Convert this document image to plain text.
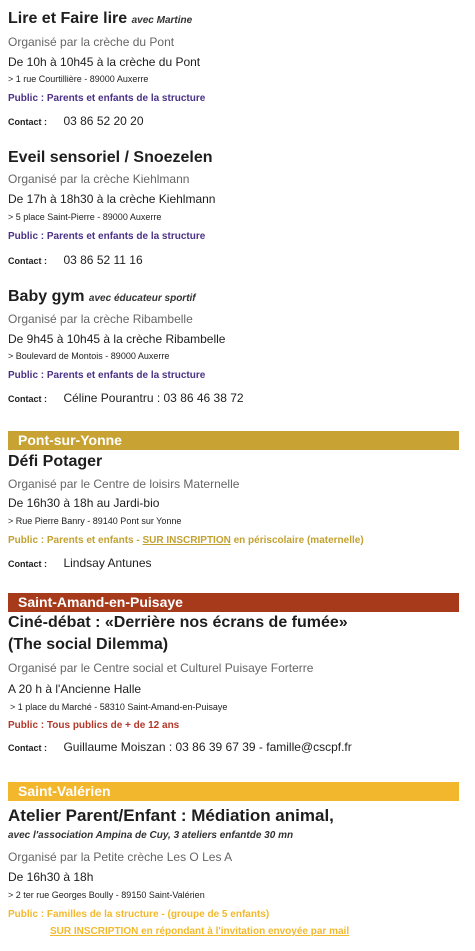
Lire et Faire lire avec Martine
Organisé par la crèche du Pont
De 10h à 10h45 à la crèche du Pont
> 1 rue Courtillière - 89000 Auxerre
Public : Parents et enfants de la structure
Contact : 03 86 52 20 20
Eveil sensoriel / Snoezelen
Organisé par la crèche Kiehlmann
De 17h à 18h30 à la crèche Kiehlmann
> 5 place Saint-Pierre - 89000 Auxerre
Public : Parents et enfants de la structure
Contact : 03 86 52 11 16
Baby gym avec éducateur sportif
Organisé par la crèche Ribambelle
De 9h45 à 10h45 à la crèche Ribambelle
> Boulevard de Montois - 89000 Auxerre
Public : Parents et enfants de la structure
Contact : Céline Pourantru : 03 86 46 38 72
Pont-sur-Yonne
Défi Potager
Organisé par le Centre de loisirs Maternelle
De 16h30 à 18h au Jardi-bio
> Rue Pierre Banry - 89140 Pont sur Yonne
Public : Parents et enfants - SUR INSCRIPTION en périscolaire (maternelle)
Contact : Lindsay Antunes
Saint-Amand-en-Puisaye
Ciné-débat : «Derrière nos écrans de fumée»
(The social Dilemma)
Organisé par le Centre social et Culturel Puisaye Forterre
A 20 h à l'Ancienne Halle
> 1 place du Marché - 58310 Saint-Amand-en-Puisaye
Public : Tous publics de + de 12 ans
Contact : Guillaume Moiszan : 03 86 39 67 39 - famille@cscpf.fr
Saint-Valérien
Atelier Parent/Enfant : Médiation animal,
avec l'association Ampina de Cuy, 3 ateliers enfantde 30 mn
Organisé par la Petite crèche Les O Les A
De 16h30 à 18h
> 2 ter rue Georges Boully - 89150 Saint-Valérien
Public : Familles de la structure - (groupe de 5 enfants)
SUR INSCRIPTION en répondant à l'invitation envoyée par mail
